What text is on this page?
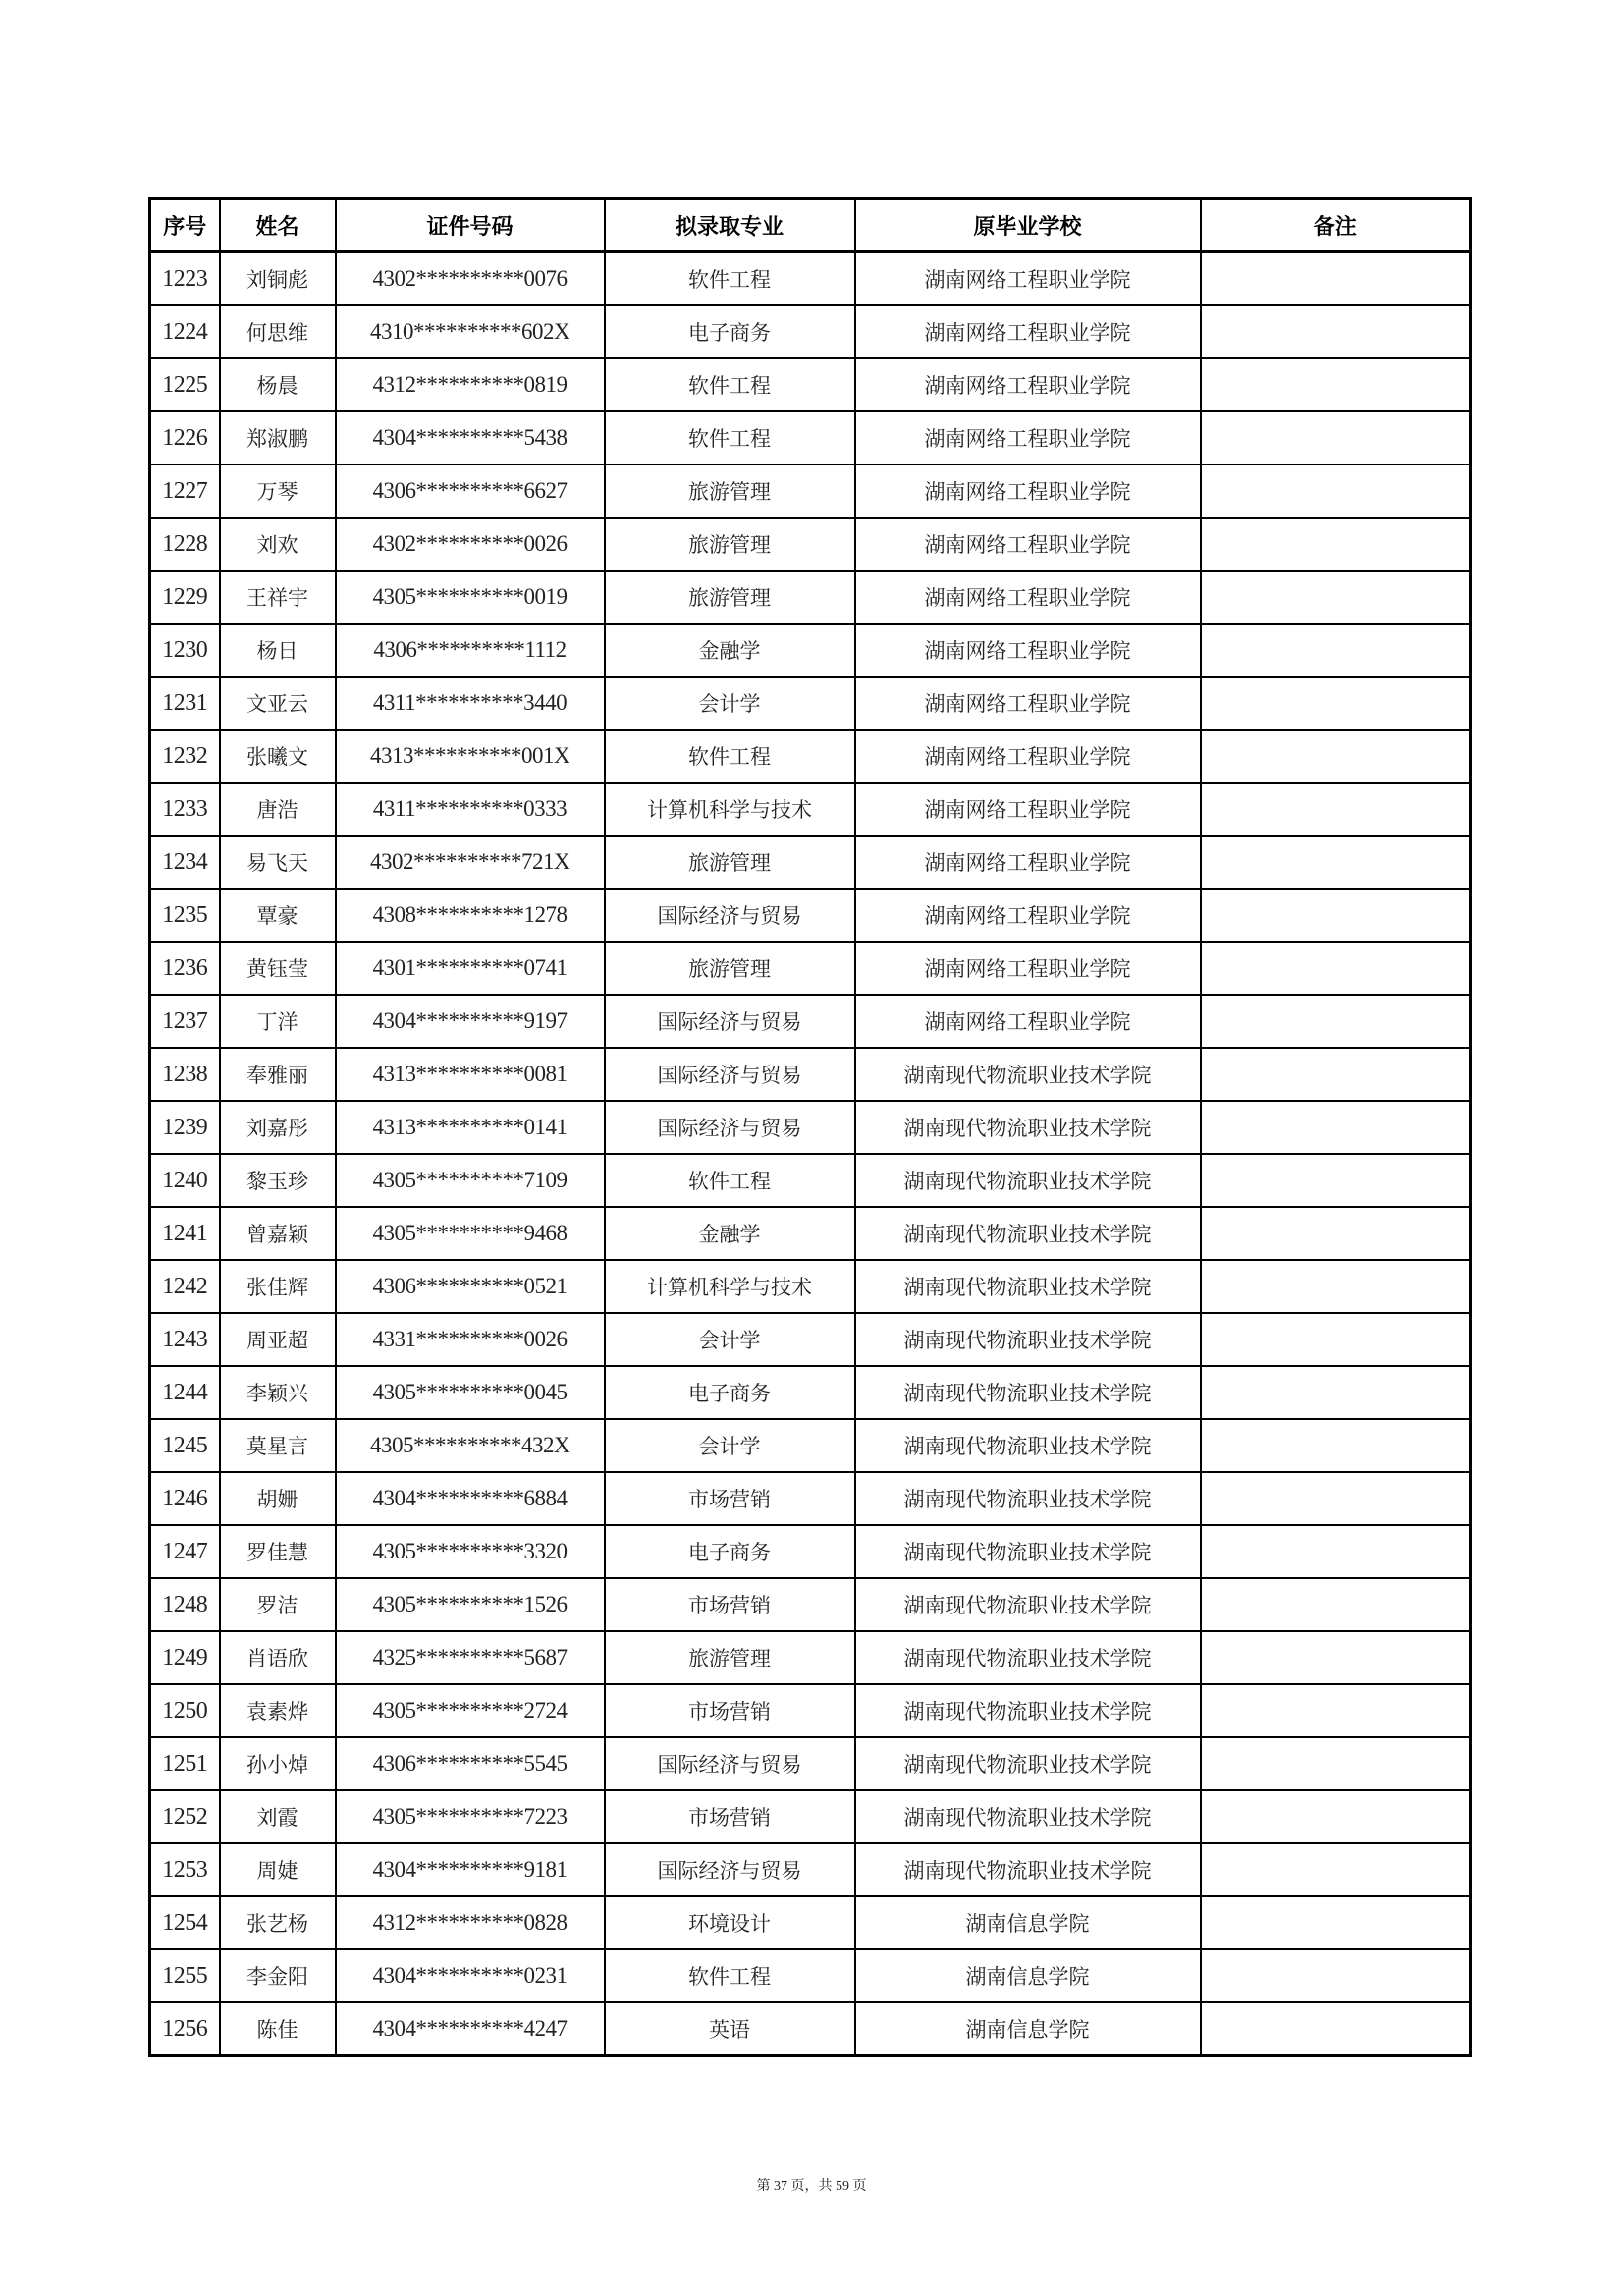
序号	姓名	证件号码	拟录取专业	原毕业学校	备注
1223	刘铜彪	4302**********0076	软件工程	湖南网络工程职业学院	
1224	何思维	4310**********602X	电子商务	湖南网络工程职业学院	
1225	杨晨	4312**********0819	软件工程	湖南网络工程职业学院	
1226	郑淑鹏	4304**********5438	软件工程	湖南网络工程职业学院	
1227	万琴	4306**********6627	旅游管理	湖南网络工程职业学院	
1228	刘欢	4302**********0026	旅游管理	湖南网络工程职业学院	
1229	王祥宇	4305**********0019	旅游管理	湖南网络工程职业学院	
1230	杨日	4306**********1112	金融学	湖南网络工程职业学院	
1231	文亚云	4311**********3440	会计学	湖南网络工程职业学院	
1232	张曦文	4313**********001X	软件工程	湖南网络工程职业学院	
1233	唐浩	4311**********0333	计算机科学与技术	湖南网络工程职业学院	
1234	易飞天	4302**********721X	旅游管理	湖南网络工程职业学院	
1235	覃豪	4308**********1278	国际经济与贸易	湖南网络工程职业学院	
1236	黄钰莹	4301**********0741	旅游管理	湖南网络工程职业学院	
1237	丁洋	4304**********9197	国际经济与贸易	湖南网络工程职业学院	
1238	奉雅丽	4313**********0081	国际经济与贸易	湖南现代物流职业技术学院	
1239	刘嘉彤	4313**********0141	国际经济与贸易	湖南现代物流职业技术学院	
1240	黎玉珍	4305**********7109	软件工程	湖南现代物流职业技术学院	
1241	曾嘉颖	4305**********9468	金融学	湖南现代物流职业技术学院	
1242	张佳辉	4306**********0521	计算机科学与技术	湖南现代物流职业技术学院	
1243	周亚超	4331**********0026	会计学	湖南现代物流职业技术学院	
1244	李颖兴	4305**********0045	电子商务	湖南现代物流职业技术学院	
1245	莫星言	4305**********432X	会计学	湖南现代物流职业技术学院	
1246	胡姗	4304**********6884	市场营销	湖南现代物流职业技术学院	
1247	罗佳慧	4305**********3320	电子商务	湖南现代物流职业技术学院	
1248	罗洁	4305**********1526	市场营销	湖南现代物流职业技术学院	
1249	肖语欣	4325**********5687	旅游管理	湖南现代物流职业技术学院	
1250	袁素烨	4305**********2724	市场营销	湖南现代物流职业技术学院	
1251	孙小焯	4306**********5545	国际经济与贸易	湖南现代物流职业技术学院	
1252	刘霞	4305**********7223	市场营销	湖南现代物流职业技术学院	
1253	周婕	4304**********9181	国际经济与贸易	湖南现代物流职业技术学院	
1254	张艺杨	4312**********0828	环境设计	湖南信息学院	
1255	李金阳	4304**********0231	软件工程	湖南信息学院	
1256	陈佳	4304**********4247	英语	湖南信息学院	
第 37 页，共 59 页
